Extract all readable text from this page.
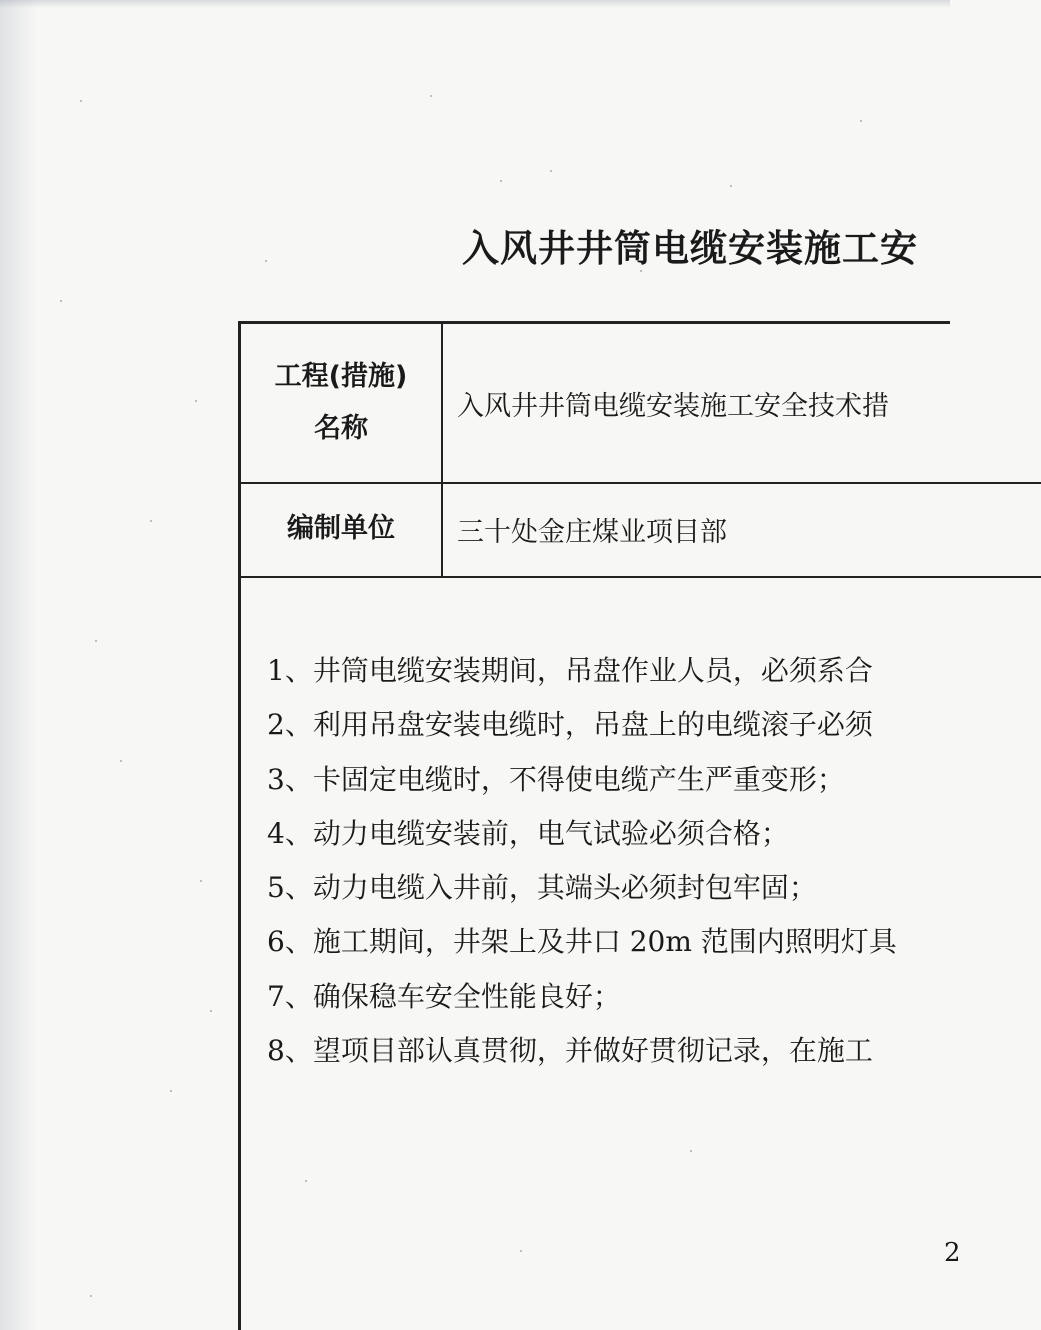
入风井井筒电缆安装施工安
工程(措施)
名称
入风井井筒电缆安装施工安全技术措
编制单位	三十处金庄煤业项目部
1、井筒电缆安装期间，吊盘作业人员，必须系合
2、利用吊盘安装电缆时，吊盘上的电缆滚子必须
3、卡固定电缆时，不得使电缆产生严重变形；
4、动力电缆安装前，电气试验必须合格；
5、动力电缆入井前，其端头必须封包牢固；
6、施工期间，井架上及井口 20m 范围内照明灯具
7、确保稳车安全性能良好；
8、望项目部认真贯彻，并做好贯彻记录，在施工
2
